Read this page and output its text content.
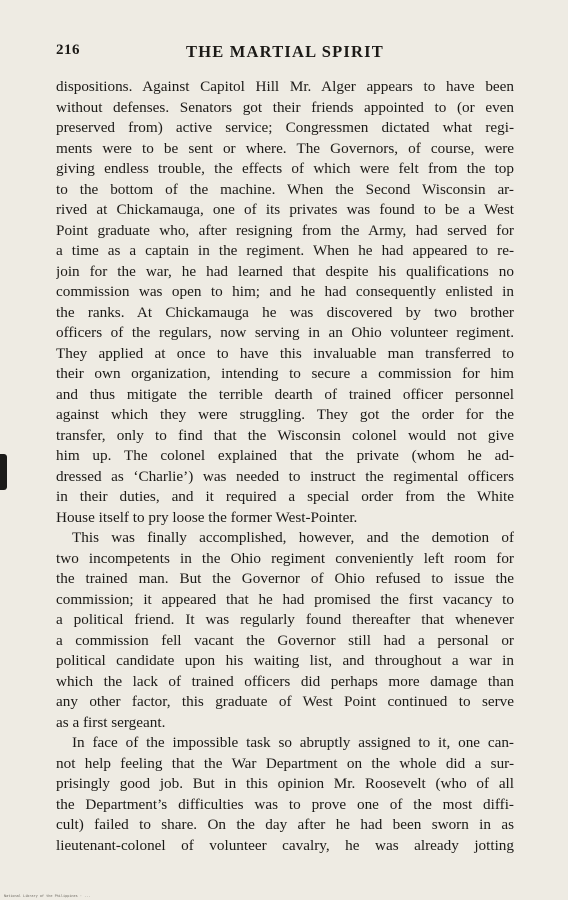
216	THE MARTIAL SPIRIT
dispositions. Against Capitol Hill Mr. Alger appears to have been
without defenses. Senators got their friends appointed to (or even
preserved from) active service; Congressmen dictated what regi-
ments were to be sent or where. The Governors, of course, were
giving endless trouble, the effects of which were felt from the top
to the bottom of the machine. When the Second Wisconsin ar-
rived at Chickamauga, one of its privates was found to be a West
Point graduate who, after resigning from the Army, had served for
a time as a captain in the regiment. When he had appeared to re-
join for the war, he had learned that despite his qualifications no
commission was open to him; and he had consequently enlisted in
the ranks. At Chickamauga he was discovered by two brother
officers of the regulars, now serving in an Ohio volunteer regiment.
They applied at once to have this invaluable man transferred to
their own organization, intending to secure a commission for him
and thus mitigate the terrible dearth of trained officer personnel
against which they were struggling. They got the order for the
transfer, only to find that the Wisconsin colonel would not give
him up. The colonel explained that the private (whom he ad-
dressed as ‘Charlie’) was needed to instruct the regimental officers
in their duties, and it required a special order from the White
House itself to pry loose the former West-Pointer.
This was finally accomplished, however, and the demotion of
two incompetents in the Ohio regiment conveniently left room for
the trained man. But the Governor of Ohio refused to issue the
commission; it appeared that he had promised the first vacancy to
a political friend. It was regularly found thereafter that whenever
a commission fell vacant the Governor still had a personal or
political candidate upon his waiting list, and throughout a war in
which the lack of trained officers did perhaps more damage than
any other factor, this graduate of West Point continued to serve
as a first sergeant.
In face of the impossible task so abruptly assigned to it, one can-
not help feeling that the War Department on the whole did a sur-
prisingly good job. But in this opinion Mr. Roosevelt (who of all
the Department’s difficulties was to prove one of the most diffi-
cult) failed to share. On the day after he had been sworn in as
lieutenant-colonel of volunteer cavalry, he was already jotting
National Library of the Philippines · ...
